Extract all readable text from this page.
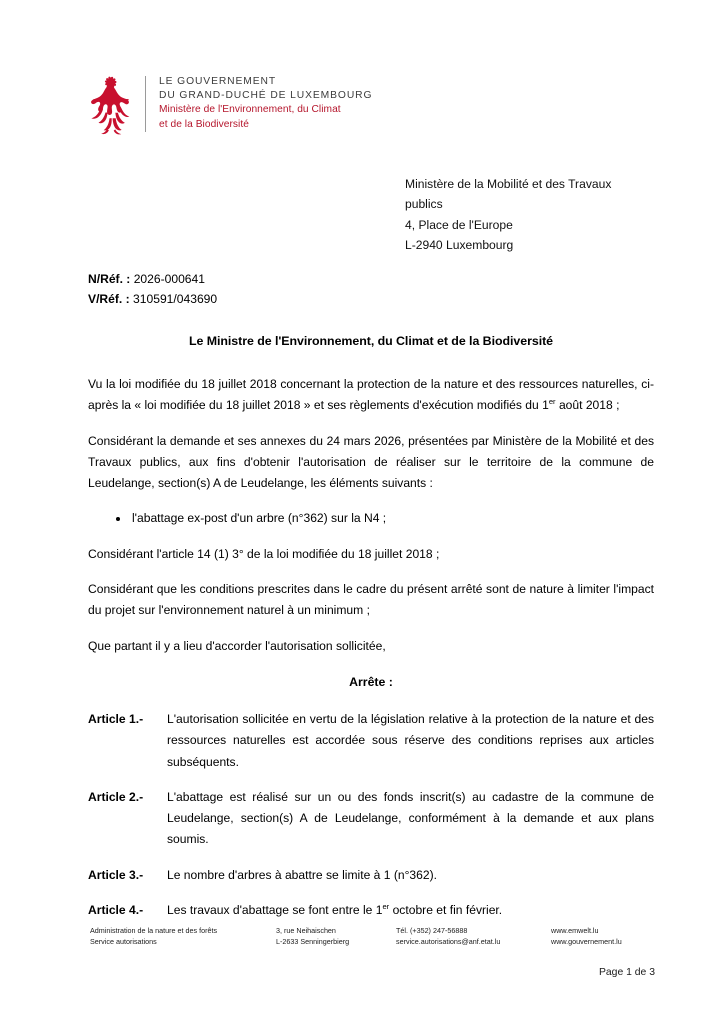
LE GOUVERNEMENT
DU GRAND-DUCHÉ DE LUXEMBOURG
Ministère de l'Environnement, du Climat
et de la Biodiversité
Ministère de la Mobilité et des Travaux
publics
4, Place de l'Europe
L-2940 Luxembourg
N/Réf. : 2026-000641
V/Réf. : 310591/043690
Le Ministre de l'Environnement, du Climat et de la Biodiversité

Vu la loi modifiée du 18 juillet 2018 concernant la protection de la nature et des ressources naturelles, ci-après la « loi modifiée du 18 juillet 2018 » et ses règlements d'exécution modifiés du 1er août 2018 ;

Considérant la demande et ses annexes du 24 mars 2026, présentées par Ministère de la Mobilité et des Travaux publics, aux fins d'obtenir l'autorisation de réaliser sur le territoire de la commune de Leudelange, section(s) A de Leudelange, les éléments suivants :

l'abattage ex-post d'un arbre (n°362) sur la N4 ;

Considérant l'article 14 (1) 3° de la loi modifiée du 18 juillet 2018 ;

Considérant que les conditions prescrites dans le cadre du présent arrêté sont de nature à limiter l'impact du projet sur l'environnement naturel à un minimum ;

Que partant il y a lieu d'accorder l'autorisation sollicitée,

Arrête :
Article 1.-	L'autorisation sollicitée en vertu de la législation relative à la protection de la nature et des ressources naturelles est accordée sous réserve des conditions reprises aux articles subséquents.
Article 2.-	L'abattage est réalisé sur un ou des fonds inscrit(s) au cadastre de la commune de Leudelange, section(s) A de Leudelange, conformément à la demande et aux plans soumis.
Article 3.-	Le nombre d'arbres à abattre se limite à 1 (n°362).
Article 4.-	Les travaux d'abattage se font entre le 1er octobre et fin février.
Administration de la nature et des forêts
Service autorisations
3, rue Neihaischen
L-2633 Senningerbierg
Tél. (+352) 247-56888
service.autorisations@anf.etat.lu
www.emwelt.lu
www.gouvernement.lu
Page 1 de 3
